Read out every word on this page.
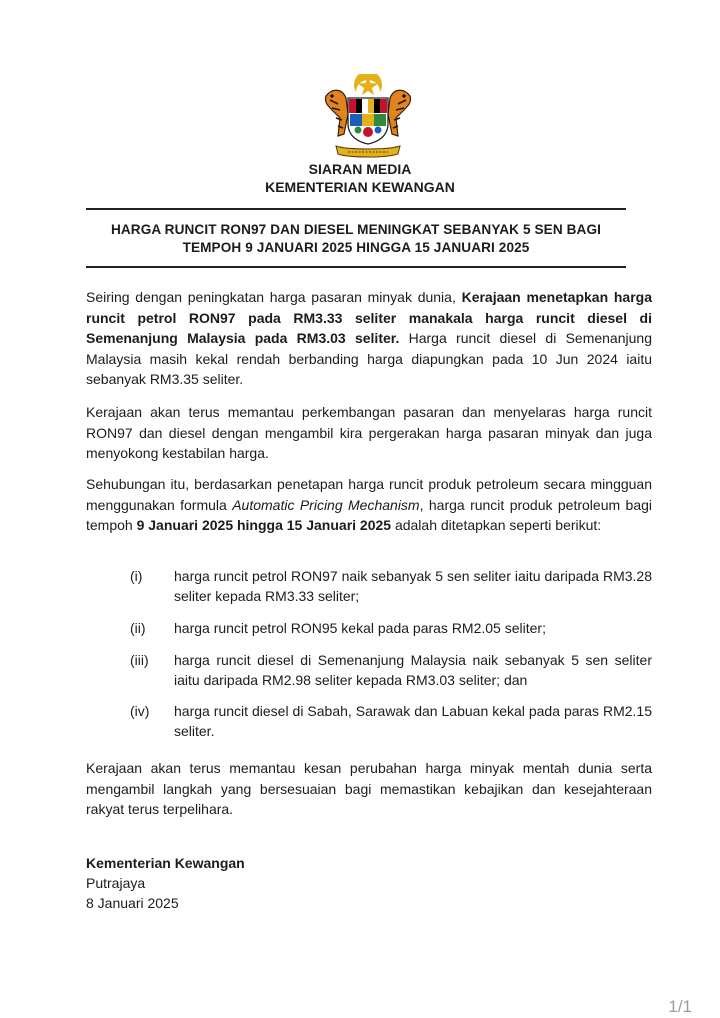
SIARAN MEDIA
KEMENTERIAN KEWANGAN
HARGA RUNCIT RON97 DAN DIESEL MENINGKAT SEBANYAK 5 SEN BAGI
TEMPOH 9 JANUARI 2025 HINGGA 15 JANUARI 2025
Seiring dengan peningkatan harga pasaran minyak dunia, Kerajaan menetapkan harga runcit petrol RON97 pada RM3.33 seliter manakala harga runcit diesel di Semenanjung Malaysia pada RM3.03 seliter. Harga runcit diesel di Semenanjung Malaysia masih kekal rendah berbanding harga diapungkan pada 10 Jun 2024 iaitu sebanyak RM3.35 seliter.
Kerajaan akan terus memantau perkembangan pasaran dan menyelaras harga runcit RON97 dan diesel dengan mengambil kira pergerakan harga pasaran minyak dan juga menyokong kestabilan harga.
Sehubungan itu, berdasarkan penetapan harga runcit produk petroleum secara mingguan menggunakan formula Automatic Pricing Mechanism, harga runcit produk petroleum bagi tempoh 9 Januari 2025 hingga 15 Januari 2025 adalah ditetapkan seperti berikut:
(i) harga runcit petrol RON97 naik sebanyak 5 sen seliter iaitu daripada RM3.28 seliter kepada RM3.33 seliter;
(ii) harga runcit petrol RON95 kekal pada paras RM2.05 seliter;
(iii) harga runcit diesel di Semenanjung Malaysia naik sebanyak 5 sen seliter iaitu daripada RM2.98 seliter kepada RM3.03 seliter; dan
(iv) harga runcit diesel di Sabah, Sarawak dan Labuan kekal pada paras RM2.15 seliter.
Kerajaan akan terus memantau kesan perubahan harga minyak mentah dunia serta mengambil langkah yang bersesuaian bagi memastikan kebajikan dan kesejahteraan rakyat terus terpelihara.
Kementerian Kewangan
Putrajaya
8 Januari 2025
1/1
